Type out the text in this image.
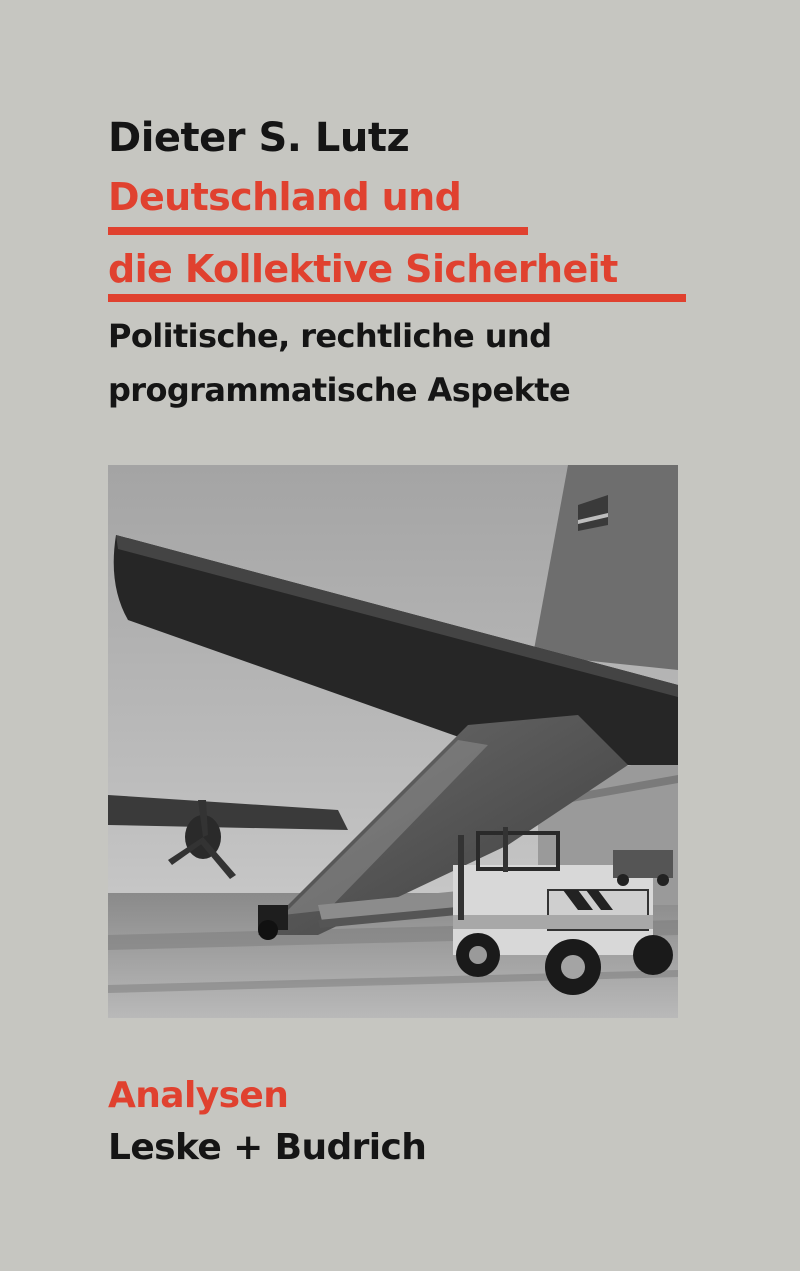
Dieter S. Lutz
Deutschland und
die Kollektive Sicherheit
Politische, rechtliche und
programmatische Aspekte
Analysen
Leske + Budrich
